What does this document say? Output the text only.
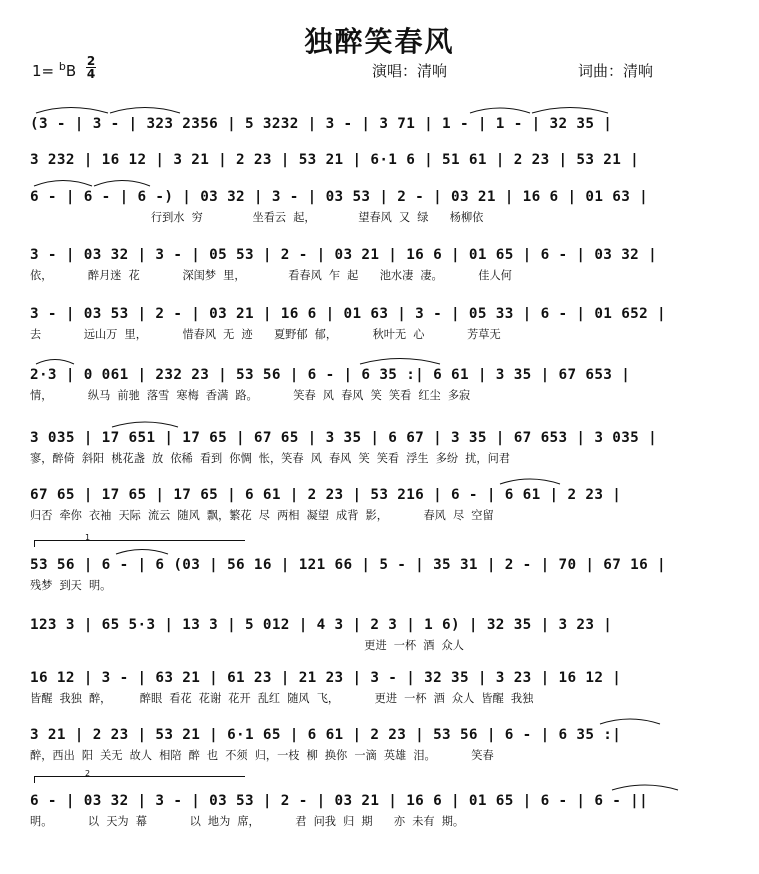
独醉笑春风
1= $^b$B
2
4	演唱：清响	词曲：清响
(3 - | 3 - | 323 2356 | 5 3232 | 3 - | 3 71 | 1 - | 1 - | 32 35 |
3 232 | 16 12 | 3 21 | 2 23 | 53 21 | 6·1 6 | 51 61 | 2 23 | 53 21 |
6 - | 6 - | 6 -) | 03 32 | 3 - | 03 53 | 2 - | 03 21 | 16 6 | 01 63 |
行到水  穷              坐看云  起，            望春风  又  绿      杨柳依
3 - | 03 32 | 3 - | 05 53 | 2 - | 03 21 | 16 6 | 01 65 | 6 - | 03 32 |
依，          醉月迷  花            深闺梦  里，            看春风  乍  起      池水凄  凄。          佳人何
3 - | 03 53 | 2 - | 03 21 | 16 6 | 01 63 | 3 - | 05 33 | 6 - | 01 652 |
去            远山万  里，          惜春风  无  迹      夏野郁  郁，          秋叶无  心            芳草无
2·3 | 0 061 | 232 23 | 53 56 | 6 - | 6 35 :| 6 61 | 3 35 | 67 653 |
情，          纵马  前驰  落雪  寒梅  香满  路。          笑春  风  春风  笑  笑看  红尘  多寂
3 035 | 17 651 | 17 65 | 67 65 | 3 35 | 6 67 | 3 35 | 67 653 | 3 035 |
寥，醉倚  斜阳  桃花盏  放  依稀  看到  你惆  怅，笑春  风  春风  笑  笑看  浮生  多纷  扰，问君
67 65 | 17 65 | 17 65 | 6 61 | 2 23 | 53 216 | 6 - | 6 61 | 2 23 |
归否  牵你  衣袖  天际  流云  随风  飘，繁花  尽  两相  凝望  成背  影，          春风  尽  空留
1
53 56 | 6 - | 6 (03 | 56 16 | 121 66 | 5 - | 35 31 | 2 - | 70 | 67 16 |
残梦  到天  明。
123 3 | 65 5·3 | 13 3 | 5 012 | 4 3 | 2 3 | 1 6) | 32 35 | 3 23 |
更进  一杯  酒  众人
16 12 | 3 - | 63 21 | 61 23 | 21 23 | 3 - | 32 35 | 3 23 | 16 12 |
皆醒  我独  醉，        醉眼  看花  花谢  花开  乱红  随风  飞，          更进  一杯  酒  众人  皆醒  我独
3 21 | 2 23 | 53 21 | 6·1 65 | 6 61 | 2 23 | 53 56 | 6 - | 6 35 :|
醉，西出  阳  关无  故人  相陪  醉  也  不须  归，一枝  柳  换你  一滴  英雄  泪。          笑春
2
6 - | 03 32 | 3 - | 03 53 | 2 - | 03 21 | 16 6 | 01 65 | 6 - | 6 - ||
明。          以  天为  幕            以  地为  席，          君  问我  归  期      亦  未有  期。
